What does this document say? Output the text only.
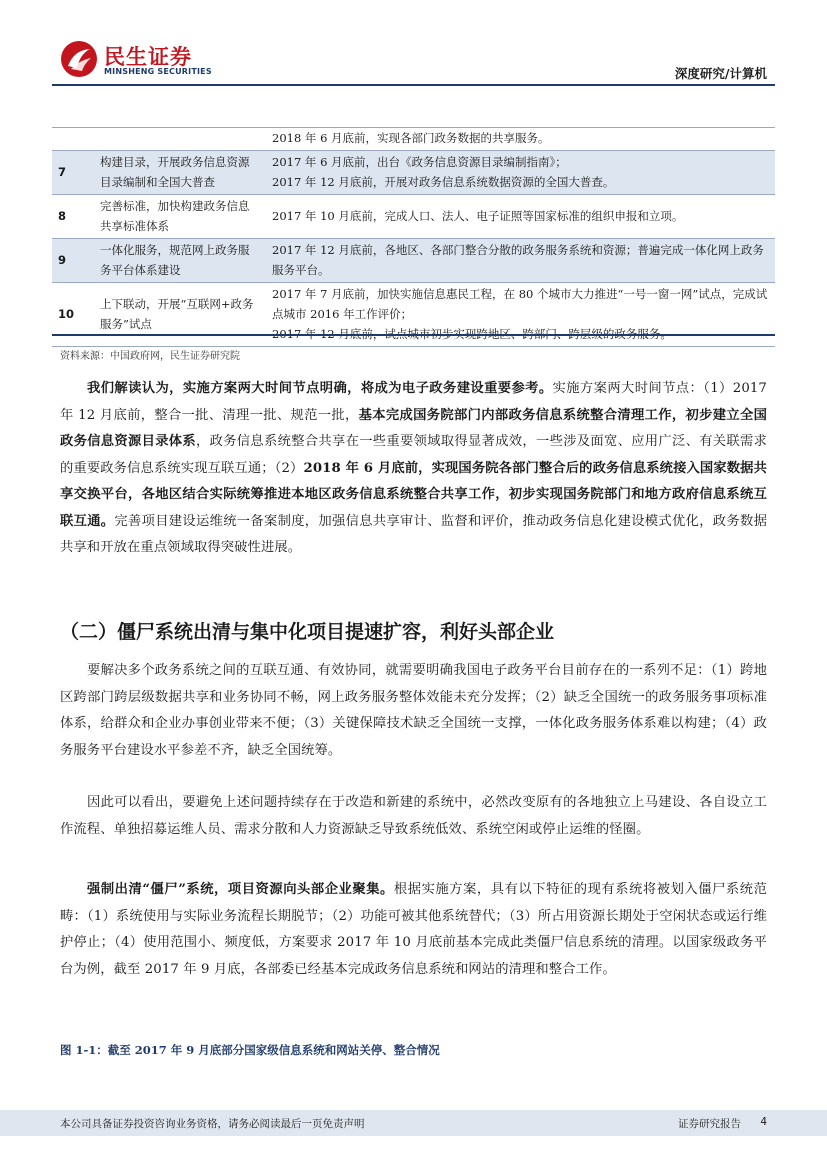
民生证券
MINSHENG SECURITIES	深度研究/计算机
		2018 年 6 月底前，实现各部门政务数据的共享服务。
7	构建目录，开展政务信息资源目录编制和全国大普查	2017 年 6 月底前，出台《政务信息资源目录编制指南》；

2017 年 12 月底前，开展对政务信息系统数据资源的全国大普查。

8	完善标准，加快构建政务信息共享标准体系	2017 年 10 月底前，完成人口、法人、电子证照等国家标准的组织申报和立项。

9	一体化服务，规范网上政务服务平台体系建设	2017 年 12 月底前，各地区、各部门整合分散的政务服务系统和资源；普遍完成一体化网上政务服务平台。

10	上下联动，开展“互联网+政务服务”试点	2017 年 7 月底前，加快实施信息惠民工程，在 80 个城市大力推进“一号一窗一网”试点，完成试点城市 2016 年工作评价；

资料来源：中国政府网，民生证券研究院

我们解读认为，实施方案两大时间节点明确，将成为电子政务建设重要参考。实施方案两大时间节点：（1）2017 年 12 月底前，整合一批、清理一批、规范一批，基本完成国务院部门内部政务信息系统整合清理工作，初步建立全国政务信息资源目录体系，政务信息系统整合共享在一些重要领域取得显著成效，一些涉及面宽、应用广泛、有关联需求的重要政务信息系统实现互联互通；（2）2018 年 6 月底前，实现国务院各部门整合后的政务信息系统接入国家数据共享交换平台，各地区结合实际统筹推进本地区政务信息系统整合共享工作，初步实现国务院部门和地方政府信息系统互联互通。完善项目建设运维统一备案制度，加强信息共享审计、监督和评价，推动政务信息化建设模式优化，政务数据共享和开放在重点领域取得突破性进展。

（二）僵尸系统出清与集中化项目提速扩容，利好头部企业

要解决多个政务系统之间的互联互通、有效协同，就需要明确我国电子政务平台目前存在的一系列不足：（1）跨地区跨部门跨层级数据共享和业务协同不畅，网上政务服务整体效能未充分发挥；（2）缺乏全国统一的政务服务事项标准体系，给群众和企业办事创业带来不便；（3）关键保障技术缺乏全国统一支撑，一体化政务服务体系难以构建；（4）政务服务平台建设水平参差不齐，缺乏全国统筹。

因此可以看出，要避免上述问题持续存在于改造和新建的系统中，必然改变原有的各地独立上马建设、各自设立工作流程、单独招募运维人员、需求分散和人力资源缺乏导致系统低效、系统空闲或停止运维的怪圈。

强制出清“僵尸”系统，项目资源向头部企业聚集。根据实施方案，具有以下特征的现有系统将被划入僵尸系统范畴：（1）系统使用与实际业务流程长期脱节；（2）功能可被其他系统替代；（3）所占用资源长期处于空闲状态或运行维护停止；（4）使用范围小、频度低，方案要求 2017 年 10 月底前基本完成此类僵尸信息系统的清理。以国家级政务平台为例，截至 2017 年 9 月底，各部委已经基本完成政务信息系统和网站的清理和整合工作。

图 1-1：截至 2017 年 9 月底部分国家级信息系统和网站关停、整合情况
本公司具备证券投资咨询业务资格，请务必阅读最后一页免责声明	证券研究报告 4
